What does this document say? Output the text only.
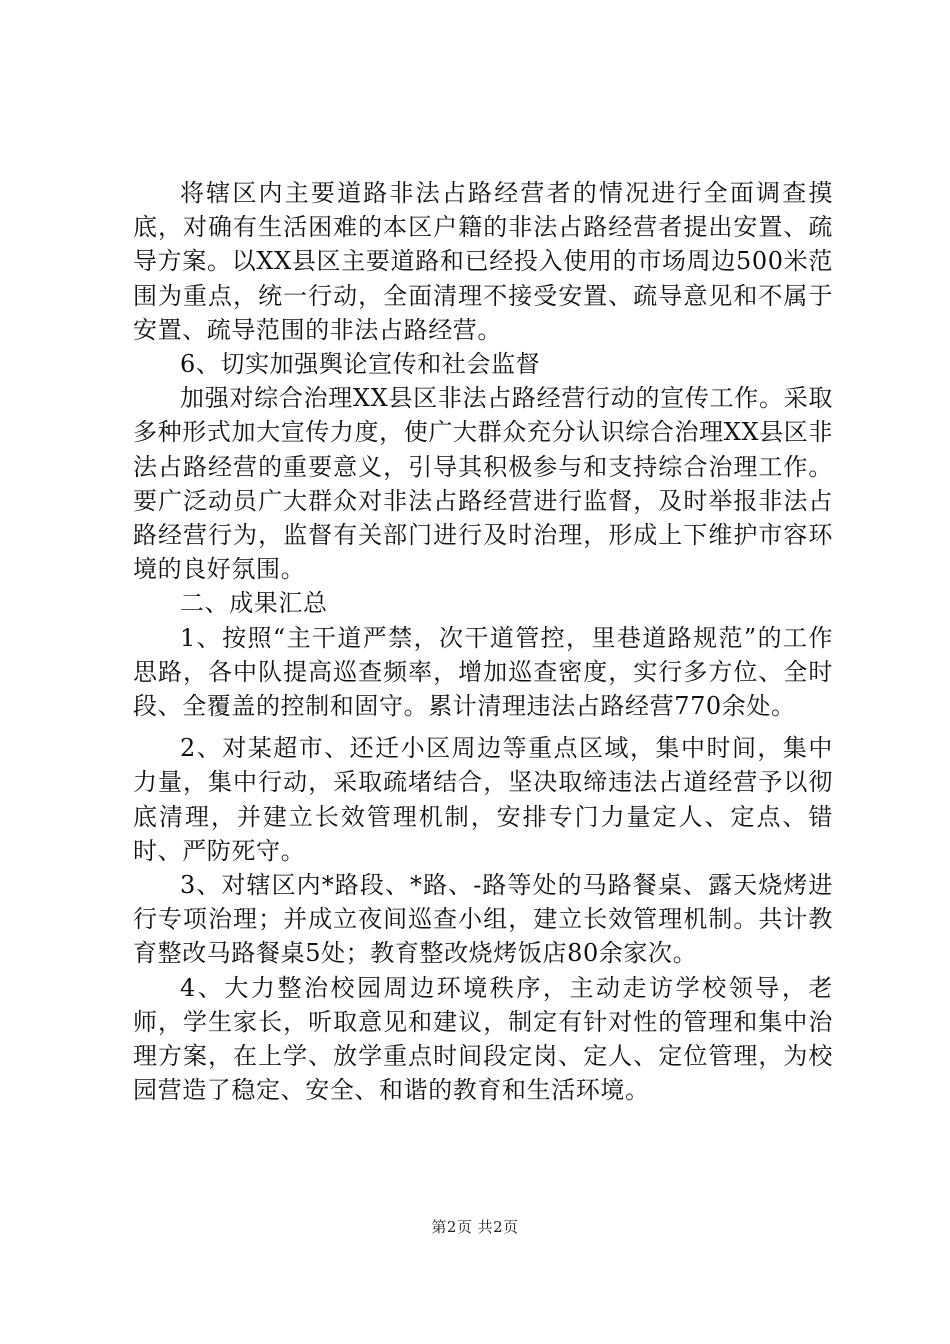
将辖区内主要道路非法占路经营者的情况进行全面调查摸底，对确有生活困难的本区户籍的非法占路经营者提出安置、疏导方案。以XX县区主要道路和已经投入使用的市场周边500米范围为重点，统一行动，全面清理不接受安置、疏导意见和不属于安置、疏导范围的非法占路经营。

6、切实加强舆论宣传和社会监督

加强对综合治理XX县区非法占路经营行动的宣传工作。采取多种形式加大宣传力度，使广大群众充分认识综合治理XX县区非法占路经营的重要意义，引导其积极参与和支持综合治理工作。要广泛动员广大群众对非法占路经营进行监督，及时举报非法占路经营行为，监督有关部门进行及时治理，形成上下维护市容环境的良好氛围。

二、成果汇总

1、按照“主干道严禁，次干道管控，里巷道路规范”的工作思路，各中队提高巡查频率，增加巡查密度，实行多方位、全时段、全覆盖的控制和固守。累计清理违法占路经营770余处。

2、对某超市、还迁小区周边等重点区域，集中时间，集中力量，集中行动，采取疏堵结合，坚决取缔违法占道经营予以彻底清理，并建立长效管理机制，安排专门力量定人、定点、错时、严防死守。

3、对辖区内*路段、*路、-路等处的马路餐桌、露天烧烤进行专项治理；并成立夜间巡查小组，建立长效管理机制。共计教育整改马路餐桌5处；教育整改烧烤饭店80余家次。

4、大力整治校园周边环境秩序，主动走访学校领导，老师，学生家长，听取意见和建议，制定有针对性的管理和集中治理方案，在上学、放学重点时间段定岗、定人、定位管理，为校园营造了稳定、安全、和谐的教育和生活环境。

第2页 共2页
